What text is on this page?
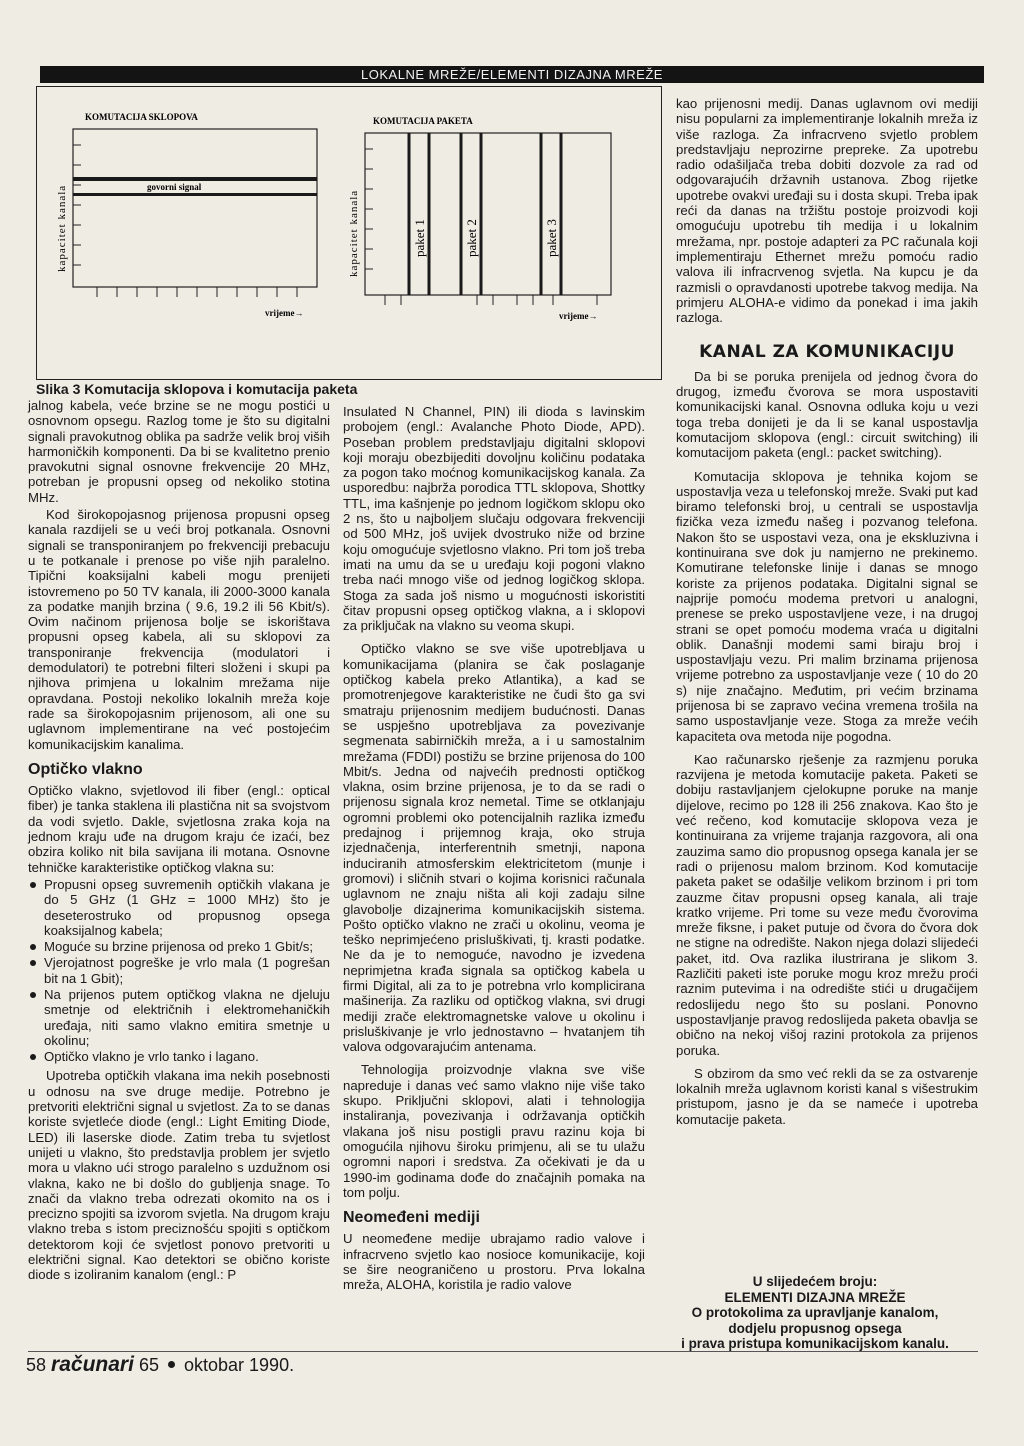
LOKALNE MREŽE/ELEMENTI DIZAJNA MREŽE
KOMUTACIJA SKLOPOVA
kapacitet kanala	govorni signal
vrijeme→
KOMUTACIJA PAKETA
kapacitet kanala	paket 1	paket 2	paket 3
vrijeme→
Slika 3 Komutacija sklopova i komutacija paketa

jalnog kabela, veće brzine se ne mogu postići u osnovnom opsegu. Razlog tome je što su digitalni signali pravokutnog oblika pa sadrže velik broj viših harmoničkih komponenti. Da bi se kvalitetno prenio pravokutni signal osnovne frekvencije 20 MHz, potreban je propusni opseg od nekoliko stotina MHz.

Kod širokopojasnog prijenosa propusni opseg kanala razdijeli se u veći broj potkanala. Osnovni signali se transponiranjem po frekvenciji prebacuju u te potkanale i prenose po više njih paralelno. Tipični koaksijalni kabeli mogu prenijeti istovremeno po 50 TV kanala, ili 2000-3000 kanala za podatke manjih brzina ( 9.6, 19.2 ili 56 Kbit/s). Ovim načinom prijenosa bolje se iskorištava propusni opseg kabela, ali su sklopovi za transponiranje frekvencija (modulatori i demodulatori) te potrebni filteri složeni i skupi pa njihova primjena u lokalnim mrežama nije opravdana. Postoji nekoliko lokalnih mreža koje rade sa širokopojasnim prijenosom, ali one su uglavnom implementirane na već postojećim komunikacijskim kanalima.

Optičko vlakno

Optičko vlakno, svjetlovod ili fiber (engl.: optical fiber) je tanka staklena ili plastična nit sa svojstvom da vodi svjetlo. Dakle, svjetlosna zraka koja na jednom kraju uđe na drugom kraju će izaći, bez obzira koliko nit bila savijana ili motana. Osnovne tehničke karakteristike optičkog vlakna su:

Propusni opseg suvremenih optičkih vlakana je do 5 GHz (1 GHz = 1000 MHz) što je deseterostruko od propusnog opsega koaksijalnog kabela;
Moguće su brzine prijenosa od preko 1 Gbit/s;
Vjerojatnost pogreške je vrlo mala (1 pogrešan bit na 1 Gbit);
Na prijenos putem optičkog vlakna ne djeluju smetnje od električnih i elektromehaničkih uređaja, niti samo vlakno emitira smetnje u okolinu;
Optičko vlakno je vrlo tanko i lagano.

Upotreba optičkih vlakana ima nekih posebnosti u odnosu na sve druge medije. Potrebno je pretvoriti električni signal u svjetlost. Za to se danas koriste svjetleće diode (engl.: Light Emiting Diode, LED) ili laserske diode. Zatim treba tu svjetlost unijeti u vlakno, što predstavlja problem jer svjetlo mora u vlakno ući strogo paralelno s uzdužnom osi vlakna, kako ne bi došlo do gubljenja snage. To znači da vlakno treba odrezati okomito na os i precizno spojiti sa izvorom svjetla. Na drugom kraju vlakno treba s istom preciznošću spojiti s optičkom detektorom koji će svjetlost ponovo pretvoriti u električni signal. Kao detektori se obično koriste diode s izoliranim kanalom (engl.: P

Insulated N Channel, PIN) ili dioda s lavinskim probojem (engl.: Avalanche Photo Diode, APD). Poseban problem predstavljaju digitalni sklopovi koji moraju obezbijediti dovoljnu količinu podataka za pogon tako moćnog komunikacijskog kanala. Za usporedbu: najbrža porodica TTL sklopova, Shottky TTL, ima kašnjenje po jednom logičkom sklopu oko 2 ns, što u najboljem slučaju odgovara frekvenciji od 500 MHz, još uvijek dvostruko niže od brzine koju omogućuje svjetlosno vlakno. Pri tom još treba imati na umu da se u uređaju koji pogoni vlakno treba naći mnogo više od jednog logičkog sklopa. Stoga za sada još nismo u mogućnosti iskoristiti čitav propusni opseg optičkog vlakna, a i sklopovi za priključak na vlakno su veoma skupi.

Optičko vlakno se sve više upotrebljava u komunikacijama (planira se čak poslaganje optičkog kabela preko Atlantika), a kad se promotrenjegove karakteristike ne čudi što ga svi smatraju prijenosnim medijem budućnosti. Danas se uspješno upotrebljava za povezivanje segmenata sabirničkih mreža, a i u samostalnim mrežama (FDDI) postižu se brzine prijenosa do 100 Mbit/s. Jedna od najvećih prednosti optičkog vlakna, osim brzine prijenosa, je to da se radi o prijenosu signala kroz nemetal. Time se otklanjaju ogromni problemi oko potencijalnih razlika između predajnog i prijemnog kraja, oko struja izjednačenja, interferentnih smetnji, napona induciranih atmosferskim elektricitetom (munje i gromovi) i sličnih stvari o kojima korisnici računala uglavnom ne znaju ništa ali koji zadaju silne glavobolje dizajnerima komunikacijskih sistema. Pošto optičko vlakno ne zrači u okolinu, veoma je teško neprimjećeno prisluškivati, tj. krasti podatke. Ne da je to nemoguće, navodno je izvedena neprimjetna krađa signala sa optičkog kabela u firmi Digital, ali za to je potrebna vrlo komplicirana mašinerija. Za razliku od optičkog vlakna, svi drugi mediji zrače elektromagnetske valove u okolinu i prisluškivanje je vrlo jednostavno – hvatanjem tih valova odgovarajućim antenama.

Tehnologija proizvodnje vlakna sve više napreduje i danas već samo vlakno nije više tako skupo. Priključni sklopovi, alati i tehnologija instaliranja, povezivanja i održavanja optičkih vlakana još nisu postigli pravu razinu koja bi omogućila njihovu široku primjenu, ali se tu ulažu ogromni napori i sredstva. Za očekivati je da u 1990-im godinama dođe do značajnih pomaka na tom polju.

Neomeđeni mediji

U neomeđene medije ubrajamo radio valove i infracrveno svjetlo kao nosioce komunikacije, koji se šire neograničeno u prostoru. Prva lokalna mreža, ALOHA, koristila je radio valove

kao prijenosni medij. Danas uglavnom ovi mediji nisu popularni za implementiranje lokalnih mreža iz više razloga. Za infracrveno svjetlo problem predstavljaju neprozirne prepreke. Za upotrebu radio odašiljača treba dobiti dozvole za rad od odgovarajućih državnih ustanova. Zbog rijetke upotrebe ovakvi uređaji su i dosta skupi. Treba ipak reći da danas na tržištu postoje proizvodi koji omogućuju upotrebu tih medija i u lokalnim mrežama, npr. postoje adapteri za PC računala koji implementiraju Ethernet mrežu pomoću radio valova ili infracrvenog svjetla. Na kupcu je da razmisli o opravdanosti upotrebe takvog medija. Na primjeru ALOHA-e vidimo da ponekad i ima jakih razloga.

KANAL ZA KOMUNIKACIJU

Da bi se poruka prenijela od jednog čvora do drugog, između čvorova se mora uspostaviti komunikacijski kanal. Osnovna odluka koju u vezi toga treba donijeti je da li se kanal uspostavlja komutacijom sklopova (engl.: circuit switching) ili komutacijom paketa (engl.: packet switching).

Komutacija sklopova je tehnika kojom se uspostavlja veza u telefonskoj mreže. Svaki put kad biramo telefonski broj, u centrali se uspostavlja fizička veza između našeg i pozvanog telefona. Nakon što se uspostavi veza, ona je ekskluzivna i kontinuirana sve dok ju namjerno ne prekinemo. Komutirane telefonske linije i danas se mnogo koriste za prijenos podataka. Digitalni signal se najprije pomoću modema pretvori u analogni, prenese se preko uspostavljene veze, i na drugoj strani se opet pomoću modema vraća u digitalni oblik. Današnji modemi sami biraju broj i uspostavljaju vezu. Pri malim brzinama prijenosa vrijeme potrebno za uspostavljanje veze ( 10 do 20 s) nije značajno. Međutim, pri većim brzinama prijenosa bi se zapravo većina vremena trošila na samo uspostavljanje veze. Stoga za mreže većih kapaciteta ova metoda nije pogodna.

Kao računarsko rješenje za razmjenu poruka razvijena je metoda komutacije paketa. Paketi se dobiju rastavljanjem cjelokupne poruke na manje dijelove, recimo po 128 ili 256 znakova. Kao što je već rečeno, kod komutacije sklopova veza je kontinuirana za vrijeme trajanja razgovora, ali ona zauzima samo dio propusnog opsega kanala jer se radi o prijenosu malom brzinom. Kod komutacije paketa paket se odašilje velikom brzinom i pri tom zauzme čitav propusni opseg kanala, ali traje kratko vrijeme. Pri tome su veze među čvorovima mreže fiksne, i paket putuje od čvora do čvora dok ne stigne na odredište. Nakon njega dolazi slijedeći paket, itd. Ova razlika ilustrirana je slikom 3. Različiti paketi iste poruke mogu kroz mrežu proći raznim putevima i na odredište stići u drugačijem redoslijedu nego što su poslani. Ponovno uspostavljanje pravog redoslijeda paketa obavlja se obično na nekoj višoj razini protokola za prijenos poruka.

S obzirom da smo već rekli da se za ostvarenje lokalnih mreža uglavnom koristi kanal s višestrukim pristupom, jasno je da se nameće i upotreba komutacije paketa.

U slijedećem broju:
ELEMENTI DIZAJNA MREŽE
O protokolima za upravljanje kanalom,
dodjelu propusnog opsega
i prava pristupa komunikacijskom kanalu.
58 računari 65 oktobar 1990.
